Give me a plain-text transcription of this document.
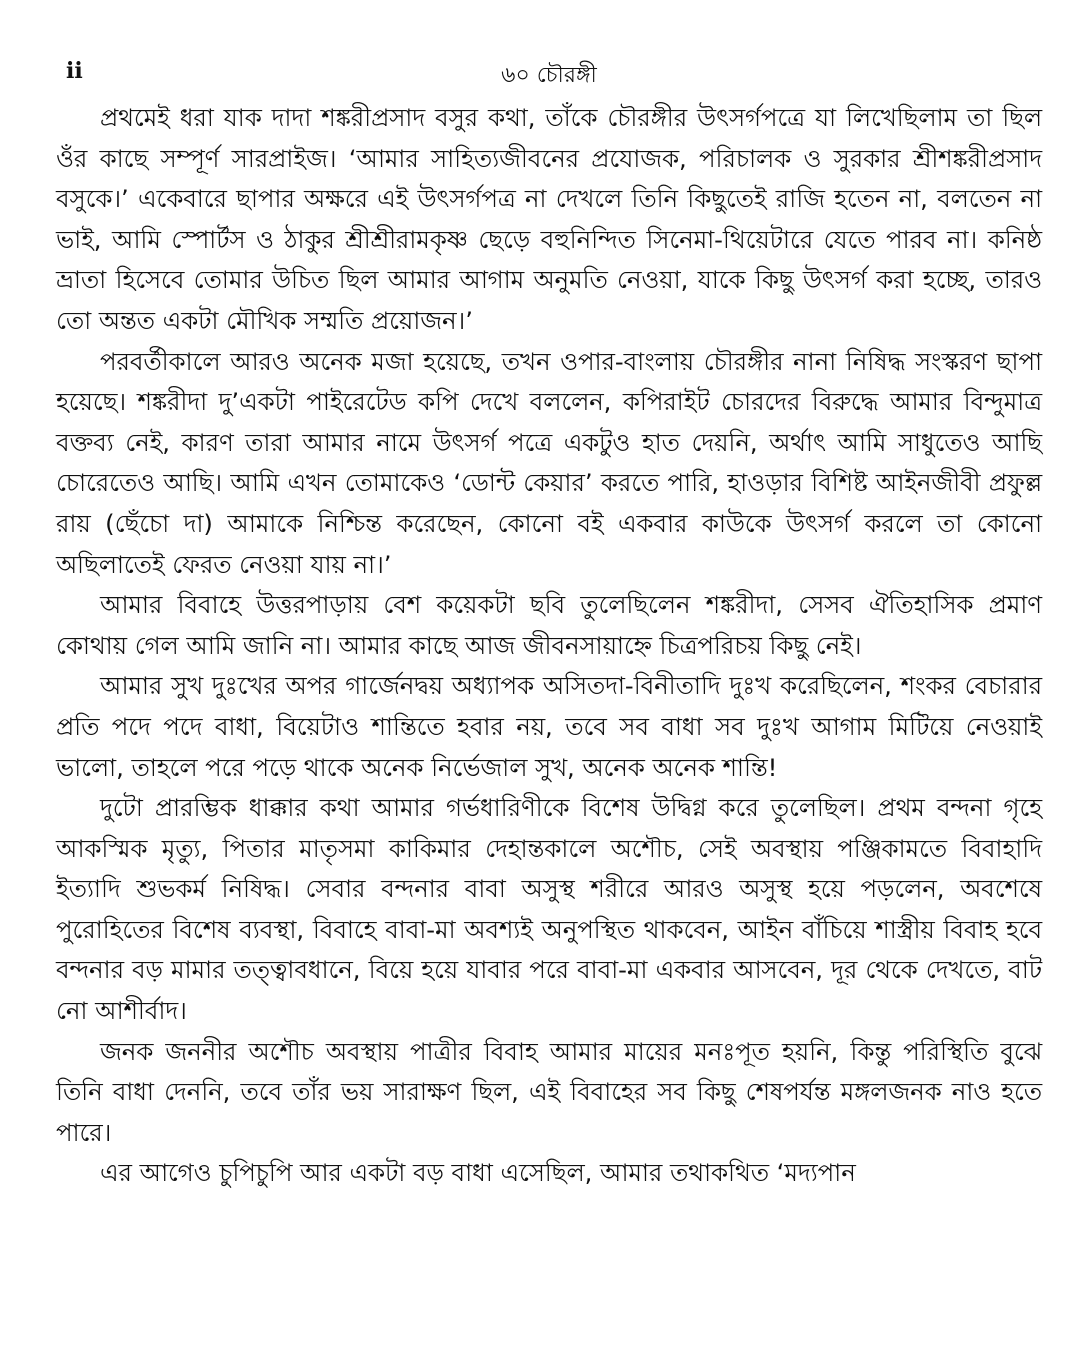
ii	৬০ চৌরঙ্গী

প্রথমেই ধরা যাক দাদা শঙ্করীপ্রসাদ বসুর কথা, তাঁকে চৌরঙ্গীর উৎসর্গপত্রে যা লিখেছিলাম তা ছিল ওঁর কাছে সম্পূর্ণ সারপ্রাইজ। ‘আমার সাহিত্যজীবনের প্রযোজক, পরিচালক ও সুরকার শ্রীশঙ্করীপ্রসাদ বসুকে।’ একেবারে ছাপার অক্ষরে এই উৎসর্গপত্র না দেখলে তিনি কিছুতেই রাজি হতেন না, বলতেন না ভাই, আমি স্পোর্টস ও ঠাকুর শ্রীশ্রীরামকৃষ্ণ ছেড়ে বহুনিন্দিত সিনেমা-থিয়েটারে যেতে পারব না। কনিষ্ঠ ভ্রাতা হিসেবে তোমার উচিত ছিল আমার আগাম অনুমতি নেওয়া, যাকে কিছু উৎসর্গ করা হচ্ছে, তারও তো অন্তত একটা মৌখিক সম্মতি প্রয়োজন।’

পরবর্তীকালে আরও অনেক মজা হয়েছে, তখন ওপার-বাংলায় চৌরঙ্গীর নানা নিষিদ্ধ সংস্করণ ছাপা হয়েছে। শঙ্করীদা দু’একটা পাইরেটেড কপি দেখে বললেন, কপিরাইট চোরদের বিরুদ্ধে আমার বিন্দুমাত্র বক্তব্য নেই, কারণ তারা আমার নামে উৎসর্গ পত্রে একটুও হাত দেয়নি, অর্থাৎ আমি সাধুতেও আছি চোরেতেও আছি। আমি এখন তোমাকেও ‘ডোন্ট কেয়ার’ করতে পারি, হাওড়ার বিশিষ্ট আইনজীবী প্রফুল্ল রায় (ছেঁচো দা) আমাকে নিশ্চিন্ত করেছেন, কোনো বই একবার কাউকে উৎসর্গ করলে তা কোনো অছিলাতেই ফেরত নেওয়া যায় না।’

আমার বিবাহে উত্তরপাড়ায় বেশ কয়েকটা ছবি তুলেছিলেন শঙ্করীদা, সেসব ঐতিহাসিক প্রমাণ কোথায় গেল আমি জানি না। আমার কাছে আজ জীবনসায়াহ্নে চিত্রপরিচয় কিছু নেই।

আমার সুখ দুঃখের অপর গার্জেনদ্বয় অধ্যাপক অসিতদা-বিনীতাদি দুঃখ করেছিলেন, শংকর বেচারার প্রতি পদে পদে বাধা, বিয়েটাও শান্তিতে হবার নয়, তবে সব বাধা সব দুঃখ আগাম মিটিয়ে নেওয়াই ভালো, তাহলে পরে পড়ে থাকে অনেক নির্ভেজাল সুখ, অনেক অনেক শান্তি!

দুটো প্রারম্ভিক ধাক্কার কথা আমার গর্ভধারিণীকে বিশেষ উদ্বিগ্ন করে তুলেছিল। প্রথম বন্দনা গৃহে আকস্মিক মৃত্যু, পিতার মাতৃসমা কাকিমার দেহান্তকালে অশৌচ, সেই অবস্থায় পঞ্জিকামতে বিবাহাদি ইত্যাদি শুভকর্ম নিষিদ্ধ। সেবার বন্দনার বাবা অসুস্থ শরীরে আরও অসুস্থ হয়ে পড়লেন, অবশেষে পুরোহিতের বিশেষ ব্যবস্থা, বিবাহে বাবা-মা অবশ্যই অনুপস্থিত থাকবেন, আইন বাঁচিয়ে শাস্ত্রীয় বিবাহ হবে বন্দনার বড় মামার তত্ত্বাবধানে, বিয়ে হয়ে যাবার পরে বাবা-মা একবার আসবেন, দূর থেকে দেখতে, বাট নো আশীর্বাদ।

জনক জননীর অশৌচ অবস্থায় পাত্রীর বিবাহ আমার মায়ের মনঃপূত হয়নি, কিন্তু পরিস্থিতি বুঝে তিনি বাধা দেননি, তবে তাঁর ভয় সারাক্ষণ ছিল, এই বিবাহের সব কিছু শেষপর্যন্ত মঙ্গলজনক নাও হতে পারে।

এর আগেও চুপিচুপি আর একটা বড় বাধা এসেছিল, আমার তথাকথিত ‘মদ্যপান
